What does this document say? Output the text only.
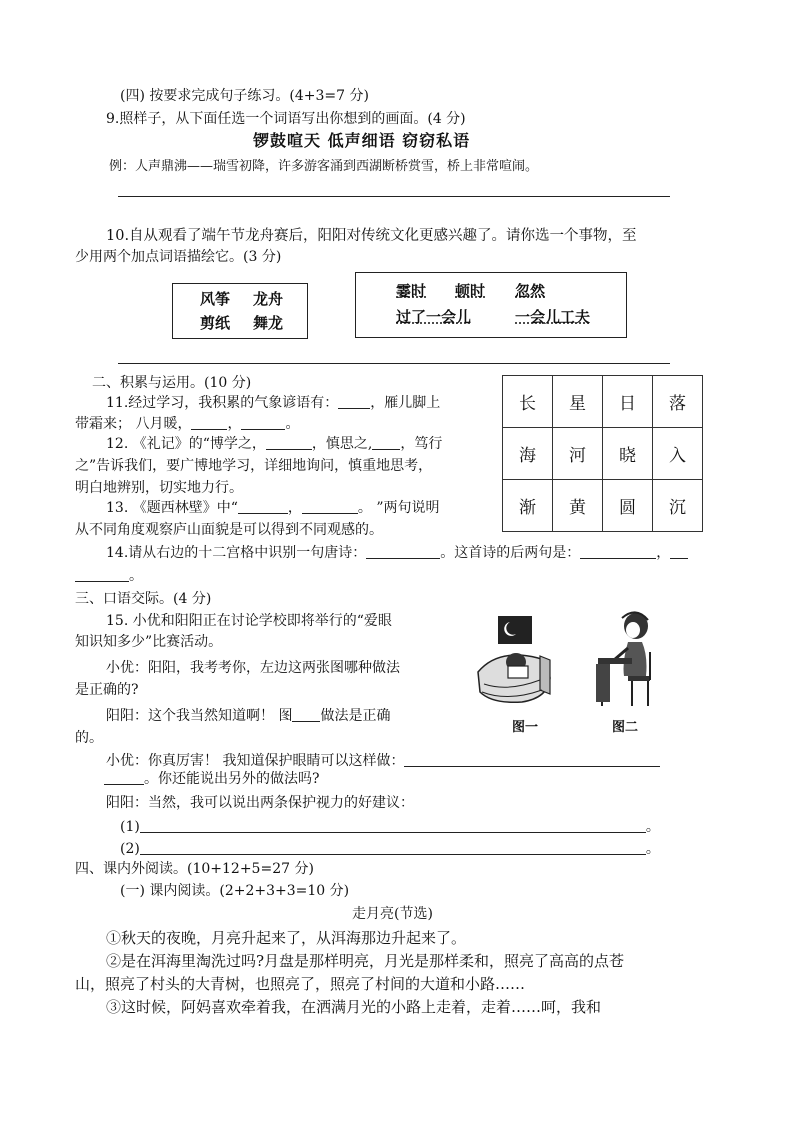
(四) 按要求完成句子练习。(4+3=7 分)
9.照样子，从下面任选一个词语写出你想到的画面。(4 分)
锣鼓喧天 低声细语 窃窃私语
例：人声鼎沸——瑞雪初降，许多游客涌到西湖断桥赏雪，桥上非常喧闹。
10.自从观看了端午节龙舟赛后，阳阳对传统文化更感兴趣了。请你选一个事物，至
少用两个加点词语描绘它。(3 分)
风筝 龙舟
剪纸 舞龙
霎时 顿时 忽然
过了一会儿	一会儿工夫
二、积累与运用。(10 分)
11.经过学习，我积累的气象谚语有： ，雁儿脚上
带霜来； 八月暖，	，	。
12. 《礼记》的“博学之，	，慎思之, ，笃行
之”告诉我们，要广博地学习，详细地询问，慎重地思考，
明白地辨别，切实地力行。
13. 《题西林壁》中“	，	。 ”两句说明
从不同角度观察庐山面貌是可以得到不同观感的。
14.请从右边的十二宫格中识别一句唐诗：	。这首诗的后两句是：	，
。
长	星	日	落
海	河	晓	入
渐	黄	圆	沉
三、口语交际。(4 分)
15. 小优和阳阳正在讨论学校即将举行的“爱眼
知识知多少”比赛活动。
小优：阳阳，我考考你，左边这两张图哪种做法
是正确的?
阳阳：这个我当然知道啊！ 图 做法是正确
的。
小优：你真厉害！ 我知道保护眼睛可以这样做：
。你还能说出另外的做法吗?
阳阳：当然，我可以说出两条保护视力的好建议：
(1)	。
(2)	。
图一	图二
四、课内外阅读。(10+12+5=27 分)
(一) 课内阅读。(2+2+3+3=10 分)
走月亮(节选)
①秋天的夜晚，月亮升起来了，从洱海那边升起来了。
②是在洱海里淘洗过吗?月盘是那样明亮，月光是那样柔和，照亮了高高的点苍
山，照亮了村头的大青树，也照亮了，照亮了村间的大道和小路……
③这时候，阿妈喜欢牵着我，在洒满月光的小路上走着，走着……呵，我和
